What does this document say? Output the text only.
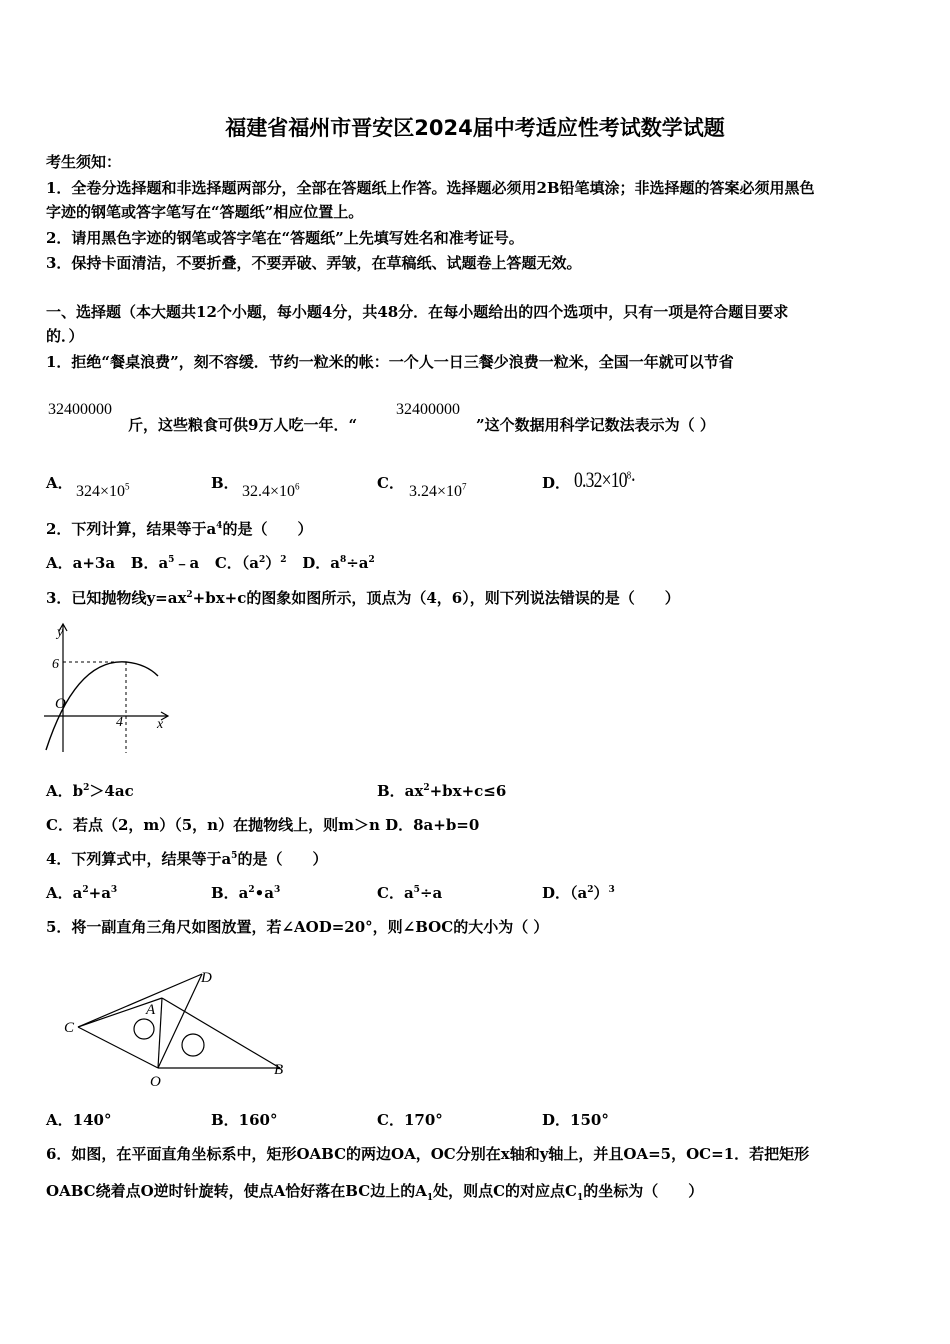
福建省福州市晋安区2024届中考适应性考试数学试题
考生须知：
1．全卷分选择题和非选择题两部分，全部在答题纸上作答。选择题必须用2B铅笔填涂；非选择题的答案必须用黑色
字迹的钢笔或答字笔写在“答题纸”相应位置上。
2．请用黑色字迹的钢笔或答字笔在“答题纸”上先填写姓名和准考证号。
3．保持卡面清洁，不要折叠，不要弄破、弄皱，在草稿纸、试题卷上答题无效。
一、选择题（本大题共12个小题，每小题4分，共48分．在每小题给出的四个选项中，只有一项是符合题目要求
的．）
1．拒绝“餐桌浪费”，刻不容缓．节约一粒米的帐：一个人一日三餐少浪费一粒米，全国一年就可以节省
32400000
斤，这些粮食可供9万人吃一年．“
32400000
”这个数据用科学记数法表示为（ ）
A． $324\times 10^5$	B． $32.4\times 10^6$	C． $3.24\times 10^7$	D． $0.32\times 10^8\cdot$
2．下列计算，结果等于$a^4$的是（　　）
A．a+3a B．$a^5﹣a$ C．$(a^2)^2$ D．$a^8\div a^2$
3．已知抛物线$y=ax^2+bx+c$的图象如图所示，顶点为（4，6），则下列说法错误的是（　　）
y
6
O
4 x
A．$b^2>4ac$	B．$ax^2+bx+c\le 6$
C．若点（2，m）（5，n）在抛物线上，则m＞n D．8a+b=0
4．下列算式中，结果等于$a^5$的是（　　）
A．$a^2+a^3$	B．$a^2•a^3$	C．$a^5\div a$	D．$(a^2)^3$
5．将一副直角三角尺如图放置，若∠AOD=20°，则∠BOC的大小为（ ）
C
A
D
O
B
A．140°	B．160°	C．170°	D．150°
6．如图，在平面直角坐标系中，矩形OABC的两边OA，OC分别在x轴和y轴上，并且OA=5，OC=1．若把矩形
OABC绕着点O逆时针旋转，使点A恰好落在BC边上的$A_1$处，则点C的对应点$C_1$的坐标为（　　）
